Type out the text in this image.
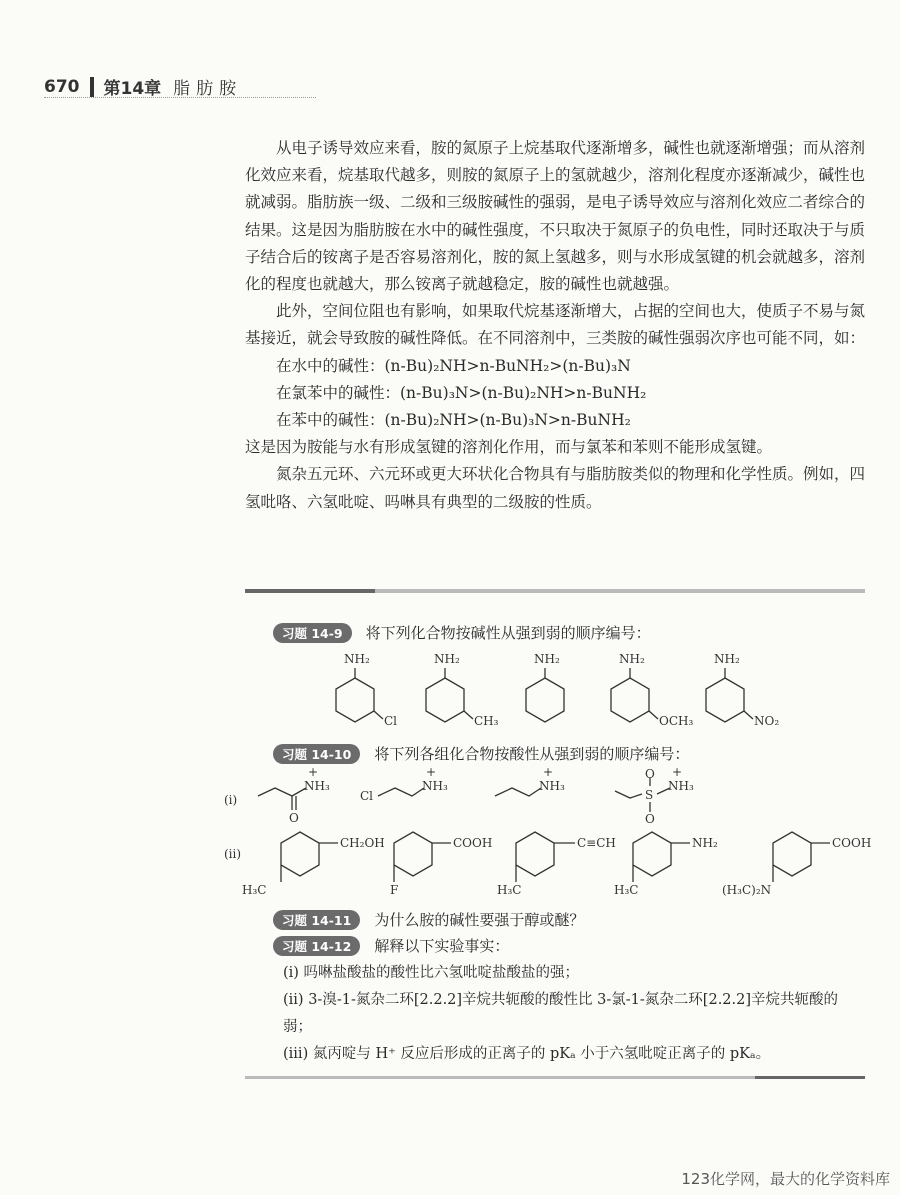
670 第14章 脂肪胺

从电子诱导效应来看，胺的氮原子上烷基取代逐渐增多，碱性也就逐渐增强；而从溶剂化效应来看，烷基取代越多，则胺的氮原子上的氢就越少，溶剂化程度亦逐渐减少，碱性也就减弱。脂肪族一级、二级和三级胺碱性的强弱，是电子诱导效应与溶剂化效应二者综合的结果。这是因为脂肪胺在水中的碱性强度，不只取决于氮原子的负电性，同时还取决于与质子结合后的铵离子是否容易溶剂化，胺的氮上氢越多，则与水形成氢键的机会就越多，溶剂化的程度也就越大，那么铵离子就越稳定，胺的碱性也就越强。

此外，空间位阻也有影响，如果取代烷基逐渐增大，占据的空间也大，使质子不易与氮基接近，就会导致胺的碱性降低。在不同溶剂中，三类胺的碱性强弱次序也可能不同，如：

在水中的碱性：(n-Bu)₂NH>n-BuNH₂>(n-Bu)₃N

在氯苯中的碱性：(n-Bu)₃N>(n-Bu)₂NH>n-BuNH₂

在苯中的碱性：(n-Bu)₂NH>(n-Bu)₃N>n-BuNH₂

这是因为胺能与水有形成氢键的溶剂化作用，而与氯苯和苯则不能形成氢键。

氮杂五元环、六元环或更大环状化合物具有与脂肪胺类似的物理和化学性质。例如，四氢吡咯、六氢吡啶、吗啉具有典型的二级胺的性质。

习题 14-9	将下列化合物按碱性从强到弱的顺序编号：
NH₂
Cl
NH₂
CH₃
NH₂	NH₂
OCH₃
NH₂
NO₂
习题 14-10	将下列各组化合物按酸性从强到弱的顺序编号：
(i)
+
NH₃
O
Cl
+
NH₃
+
NH₃
S
O
O
+
NH₃
(ii)
CH₂OH
H₃C
COOH
F
C≡CH
H₃C
NH₂
H₃C
COOH
(H₃C)₂N
习题 14-11	为什么胺的碱性要强于醇或醚？
习题 14-12	解释以下实验事实：
(i) 吗啉盐酸盐的酸性比六氢吡啶盐酸盐的强；
(ii) 3-溴-1-氮杂二环[2.2.2]辛烷共轭酸的酸性比 3-氯-1-氮杂二环[2.2.2]辛烷共轭酸的弱；
(iii) 氮丙啶与 H⁺ 反应后形成的正离子的 pKₐ 小于六氢吡啶正离子的 pKₐ。
123化学网，最大的化学资料库
